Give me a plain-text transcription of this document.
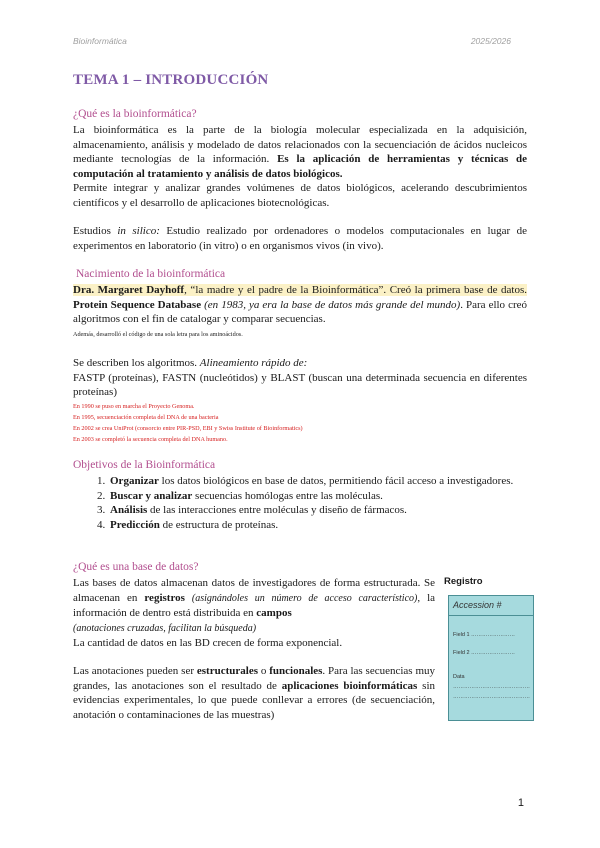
Bioinformática	2025/2026
TEMA 1 – INTRODUCCIÓN
¿Qué es la bioinformática?
La bioinformática es la parte de la biología molecular especializada en la adquisición, almacenamiento, análisis y modelado de datos relacionados con la secuenciación de ácidos nucleicos mediante tecnologías de la información. Es la aplicación de herramientas y técnicas de computación al tratamiento y análisis de datos biológicos.
Permite integrar y analizar grandes volúmenes de datos biológicos, acelerando descubrimientos científicos y el desarrollo de aplicaciones biotecnológicas.
Estudios in silico: Estudio realizado por ordenadores o modelos computacionales en lugar de experimentos en laboratorio (in vitro) o en organismos vivos (in vivo).
Nacimiento de la bioinformática
Dra. Margaret Dayhoff, “la madre y el padre de la Bioinformática”. Creó la primera base de datos. Protein Sequence Database (en 1983, ya era la base de datos más grande del mundo). Para ello creó algoritmos con el fin de catalogar y comparar secuencias.
Además, desarrolló el código de una sola letra para los aminoácidos.
Se describen los algoritmos. Alineamiento rápido de:
FASTP (proteínas), FASTN (nucleótidos) y BLAST (buscan una determinada secuencia en diferentes proteínas)
En 1990 se puso en marcha el Proyecto Genoma.
En 1995, secuenciación completa del DNA de una bacteria
En 2002 se crea UniProt (consorcio entre PIR-PSD, EBI y Swiss Institute of Bioinformatics)
En 2003 se completó la secuencia completa del DNA humano.
Objetivos de la Bioinformática
1. Organizar los datos biológicos en base de datos, permitiendo fácil acceso a investigadores.
2. Buscar y analizar secuencias homólogas entre las moléculas.
3. Análisis de las interacciones entre moléculas y diseño de fármacos.
4. Predicción de estructura de proteínas.
¿Qué es una base de datos?
Las bases de datos almacenan datos de investigadores de forma estructurada. Se almacenan en registros (asignándoles un número de acceso característico), la información de dentro está distribuida en campos
(anotaciones cruzadas, facilitan la búsqueda)
La cantidad de datos en las BD crecen de forma exponencial.
Las anotaciones pueden ser estructurales o funcionales. Para las secuencias muy grandes, las anotaciones son el resultado de aplicaciones bioinformáticas sin evidencias experimentales, lo que puede conllevar a errores (de secuenciación, anotación o contaminaciones de las muestras)
Registro
Accession #
Field 1 ……………………
Field 2 ……………………
Data
……………………………………
……………………………………
1
